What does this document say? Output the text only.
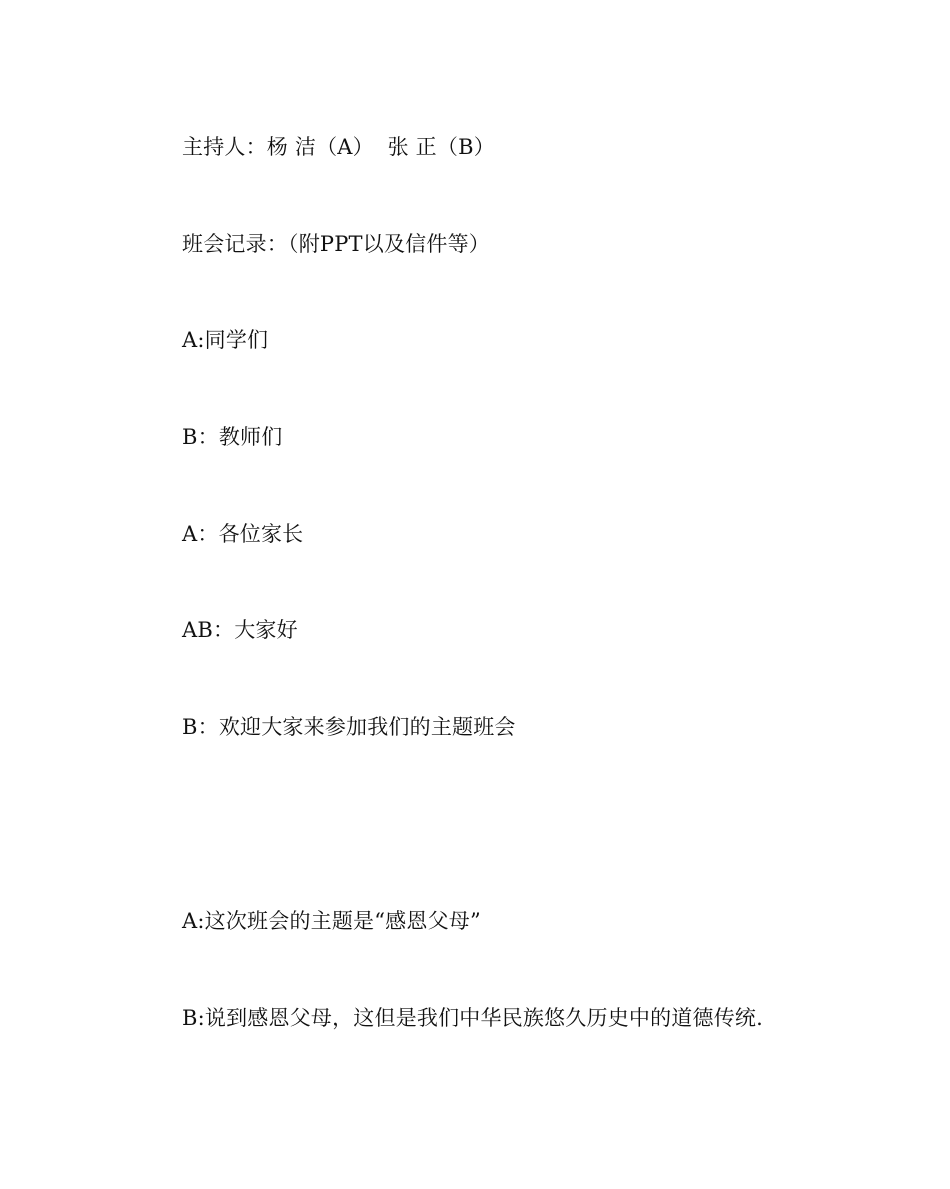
主持人：杨 洁（A）  张 正（B）
班会记录：（附PPT以及信件等）
A:同学们
B：教师们
A：各位家长
AB：大家好
B：欢迎大家来参加我们的主题班会
A:这次班会的主题是“感恩父母”
B:说到感恩父母，这但是我们中华民族悠久历史中的道德传统.
